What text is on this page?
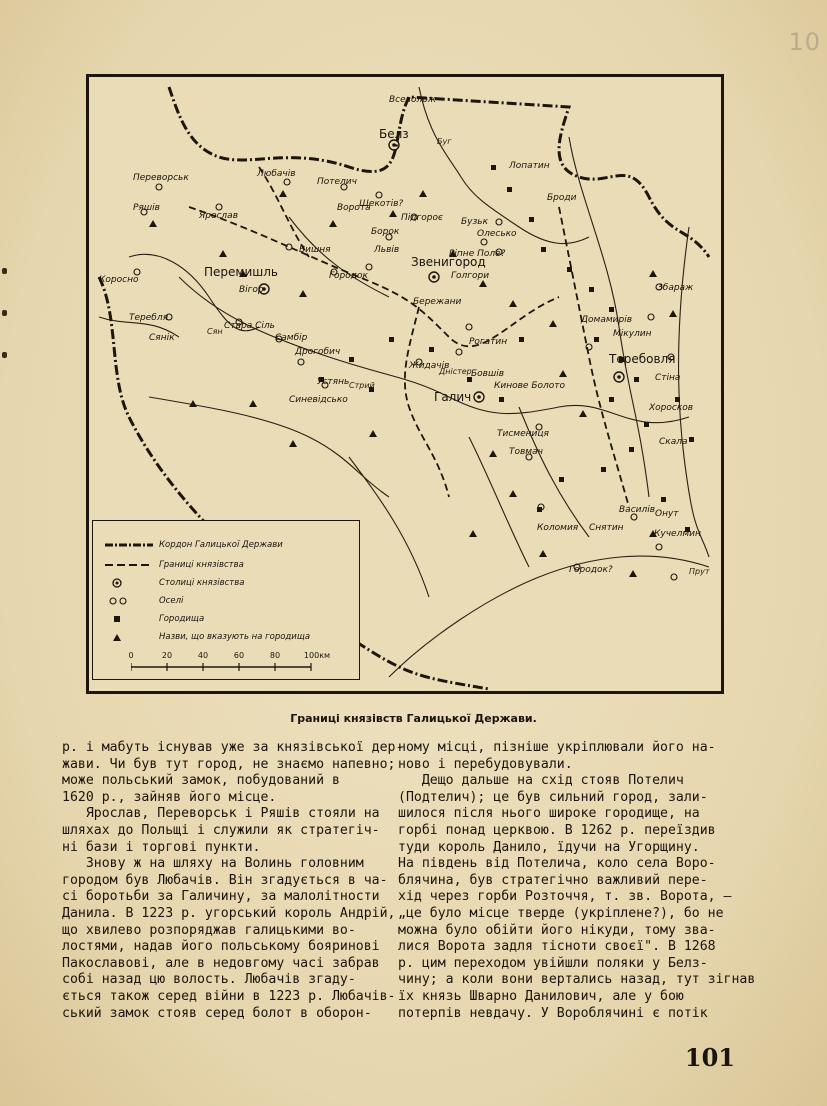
10
Белз
Звенигород
Перемишль
Теребовля
Галич
Всеволож
Любачів
Потелич
Переворськ
Ряшів
Ярослав
Щекотів?
Лопатин
Броди
Бузьк
Олесько
Підгороє
Ворота
Борок
Городок
Вишня	Львів	Ріпне Поле?
Голгори
Бережани
Короснo
Теребля
Сянік
Вігор
Стара Сіль
Самбір
Дрогобич
Жидачів
Рогатин
Бовшів
Кинове Болото
Устянь
Синевідсько
Тисмениця
Товмач
Коломия Снятин
Василів Онут
Кучелмин
Городок?
Збараж
Домамирів
Мікулин
Стіна
Хоросков
Скала
Буг
Дністер
Прут
Стрий
Сян
Кордон Галицької Держави
Границі князівства
Столиці князівства
Оселі
Городища
Назви, що вказують на городища
0	20	40	60	80	100км
Границі князівств Галицької Держави.

р. і мабуть існував уже за князівської дер-

жави. Чи був тут город, не знаємо напевно;

може польський замок, побудований в

1620 р., зайняв його місце.

Ярослав, Переворськ і Ряшів стояли на

шляхах до Польщі і служили як стратегіч-

ні бази і торгові пункти.

Знову ж на шляху на Волинь головним

городом був Любачів. Він згадується в ча-

сі боротьби за Галичину, за малолітности

Данила. В 1223 р. угорський король Андрій,

що хвилево розпоряджав галицькими во-

лостями, надав його польському бояринові

Пакославові, але в недовгому часі забрав

собі назад цю волость. Любачів згаду-

ється також серед війни в 1223 р. Любачів-

ський замок стояв серед болот в оборон-

ному місці, пізніше укріплювали його на-

ново і перебудовували.

Дещо дальше на схід стояв Потелич

(Подтелич); це був сильний город, зали-

шилося після нього широке городище, на

горбі понад церквою. В 1262 р. переїздив

туди король Данило, їдучи на Угорщину.

На південь від Потелича, коло села Воро-

блячина, був стратегічно важливий пере-

хід через горби Розточчя, т. зв. Ворота, —

„це було місце тверде (укріплене?), бо не

можна було обійти його нікуди, тому зва-

лися Ворота задля тісноти своєї". В 1268

р. цим переходом увійшли поляки у Белз-

чину; а коли вони вертались назад, тут зігнав

їх князь Шварно Данилович, але у бою

потерпів невдачу. У Вороблячині є потік

101
